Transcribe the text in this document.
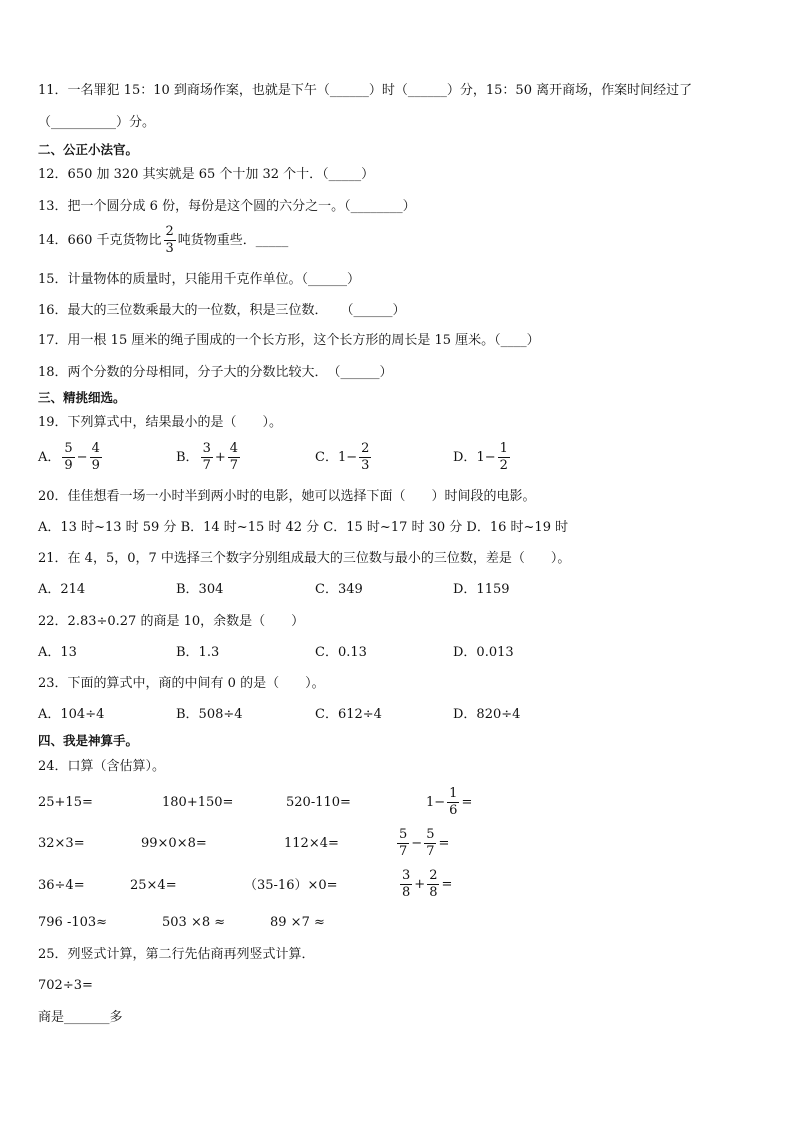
11．一名罪犯 15：10 到商场作案，也就是下午（______）时（______）分，15：50 离开商场，作案时间经过了
（__________）分。
二、公正小法官。
12．650 加 320 其实就是 65 个十加 32 个十．（_____）
13．把一个圆分成 6 份，每份是这个圆的六分之一。（________）
14．660 千克货物比 $\frac{2}{3}$ 吨货物重些．_____
15．计量物体的质量时，只能用千克作单位。（______）
16．最大的三位数乘最大的一位数，积是三位数．　　（______）
17．用一根 15 厘米的绳子围成的一个长方形，这个长方形的周长是 15 厘米。（____）
18．两个分数的分母相同，分子大的分数比较大．　（______）
三、精挑细选。
19．下列算式中，结果最小的是（　　）。
A． $\frac{5}{9} - \frac{4}{9}$	B． $\frac{3}{7} + \frac{4}{7}$	C．$1- \frac{2}{3}$	D．$1- \frac{1}{2}$
20．佳佳想看一场一小时半到两小时的电影，她可以选择下面（　　）时间段的电影。
A．13 时~13 时 59 分 B．14 时~15 时 42 分 C．15 时~17 时 30 分 D．16 时~19 时
21．在 4，5，0，7 中选择三个数字分别组成最大的三位数与最小的三位数，差是（　　）。
A．214	B．304	C．349	D．1159
22．2.83÷0.27 的商是 10，余数是（　　）
A．13	B．1.3	C．0.13	D．0.013
23．下面的算式中，商的中间有 0 的是（　　）。
A．104÷4	B．508÷4	C．612÷4	D．820÷4
四、我是神算手。
24．口算（含估算）。
25+15=	180+150=	520-110=	$1- \frac{1}{6}$ =
32×3=	99×0×8=	112×4=	$\frac{5}{7} - \frac{5}{7}$ =
36÷4=	25×4=	（35-16）×0=	$\frac{3}{8} + \frac{2}{8}$ =
796 -103≈	503 ×8 ≈	89 ×7 ≈
25．列竖式计算，第二行先估商再列竖式计算．
702÷3=
商是_______多
